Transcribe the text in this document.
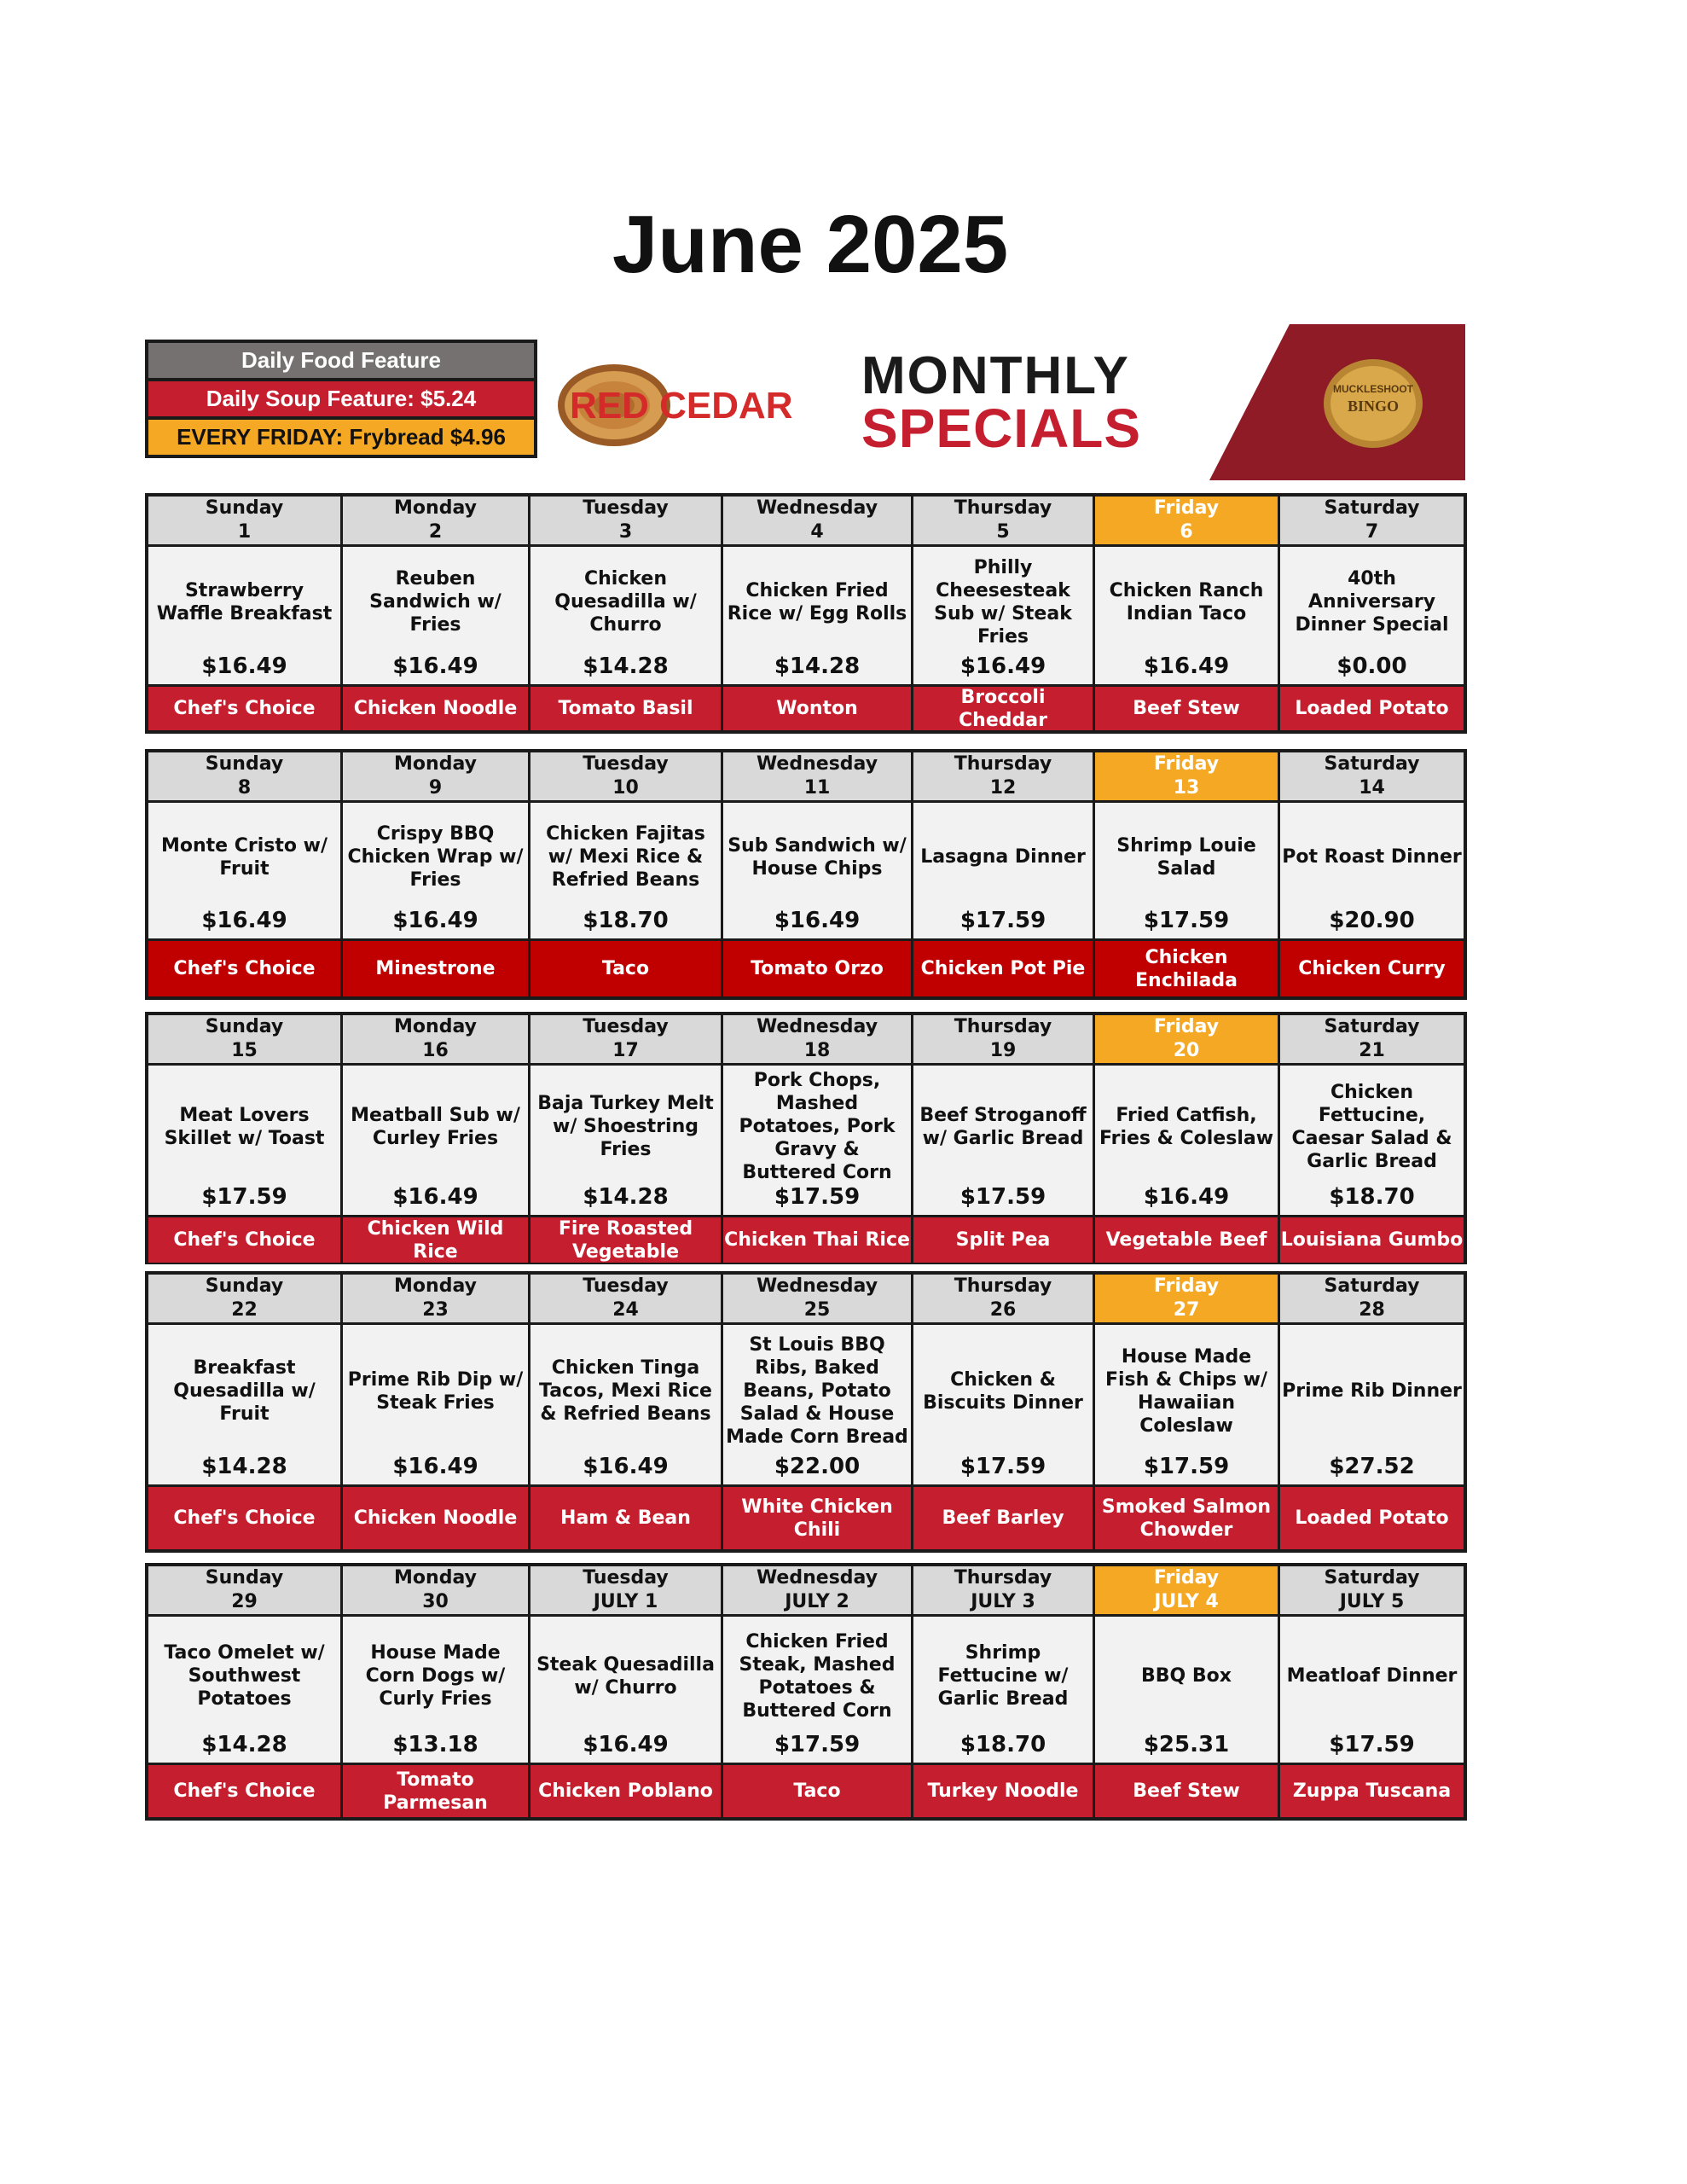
June 2025
Daily Food Feature
Daily Soup Feature: $5.24
EVERY FRIDAY: Frybread $4.96
RED CEDAR
MONTHLY
SPECIALS
MUCKLESHOOT
BINGO
Sunday
1
Strawberry Waffle Breakfast
$16.49
Chef's Choice
Monday
2
Reuben Sandwich w/ Fries
$16.49
Chicken Noodle
Tuesday
3
Chicken Quesadilla w/ Churro
$14.28
Tomato Basil
Wednesday
4
Chicken Fried Rice w/ Egg Rolls
$14.28
Wonton
Thursday
5
Philly Cheesesteak Sub w/ Steak Fries
$16.49
Broccoli Cheddar
Friday
6
Chicken Ranch Indian Taco
$16.49
Beef Stew
Saturday
7
40th Anniversary Dinner Special
$0.00
Loaded Potato
Sunday
8
Monte Cristo w/ Fruit
$16.49
Chef's Choice
Monday
9
Crispy BBQ Chicken Wrap w/ Fries
$16.49
Minestrone
Tuesday
10
Chicken Fajitas w/ Mexi Rice & Refried Beans
$18.70
Taco
Wednesday
11
Sub Sandwich w/ House Chips
$16.49
Tomato Orzo
Thursday
12
Lasagna Dinner
$17.59
Chicken Pot Pie
Friday
13
Shrimp Louie Salad
$17.59
Chicken Enchilada
Saturday
14
Pot Roast Dinner
$20.90
Chicken Curry
Sunday
15
Meat Lovers Skillet w/ Toast
$17.59
Chef's Choice
Monday
16
Meatball Sub w/ Curley Fries
$16.49
Chicken Wild Rice
Tuesday
17
Baja Turkey Melt w/ Shoestring Fries
$14.28
Fire Roasted Vegetable
Wednesday
18
Pork Chops, Mashed Potatoes, Pork Gravy & Buttered Corn
$17.59
Chicken Thai Rice
Thursday
19
Beef Stroganoff w/ Garlic Bread
$17.59
Split Pea
Friday
20
Fried Catfish, Fries & Coleslaw
$16.49
Vegetable Beef
Saturday
21
Chicken Fettucine, Caesar Salad & Garlic Bread
$18.70
Louisiana Gumbo
Sunday
22
Breakfast Quesadilla w/ Fruit
$14.28
Chef's Choice
Monday
23
Prime Rib Dip w/ Steak Fries
$16.49
Chicken Noodle
Tuesday
24
Chicken Tinga Tacos, Mexi Rice & Refried Beans
$16.49
Ham & Bean
Wednesday
25
St Louis BBQ Ribs, Baked Beans, Potato Salad & House Made Corn Bread
$22.00
White Chicken Chili
Thursday
26
Chicken & Biscuits Dinner
$17.59
Beef Barley
Friday
27
House Made Fish & Chips w/ Hawaiian Coleslaw
$17.59
Smoked Salmon Chowder
Saturday
28
Prime Rib Dinner
$27.52
Loaded Potato
Sunday
29
Taco Omelet w/ Southwest Potatoes
$14.28
Chef's Choice
Monday
30
House Made Corn Dogs w/ Curly Fries
$13.18
Tomato Parmesan
Tuesday
JULY 1
Steak Quesadilla w/ Churro
$16.49
Chicken Poblano
Wednesday
JULY 2
Chicken Fried Steak, Mashed Potatoes & Buttered Corn
$17.59
Taco
Thursday
JULY 3
Shrimp Fettucine w/ Garlic Bread
$18.70
Turkey Noodle
Friday
JULY 4
BBQ Box
$25.31
Beef Stew
Saturday
JULY 5
Meatloaf Dinner
$17.59
Zuppa Tuscana
